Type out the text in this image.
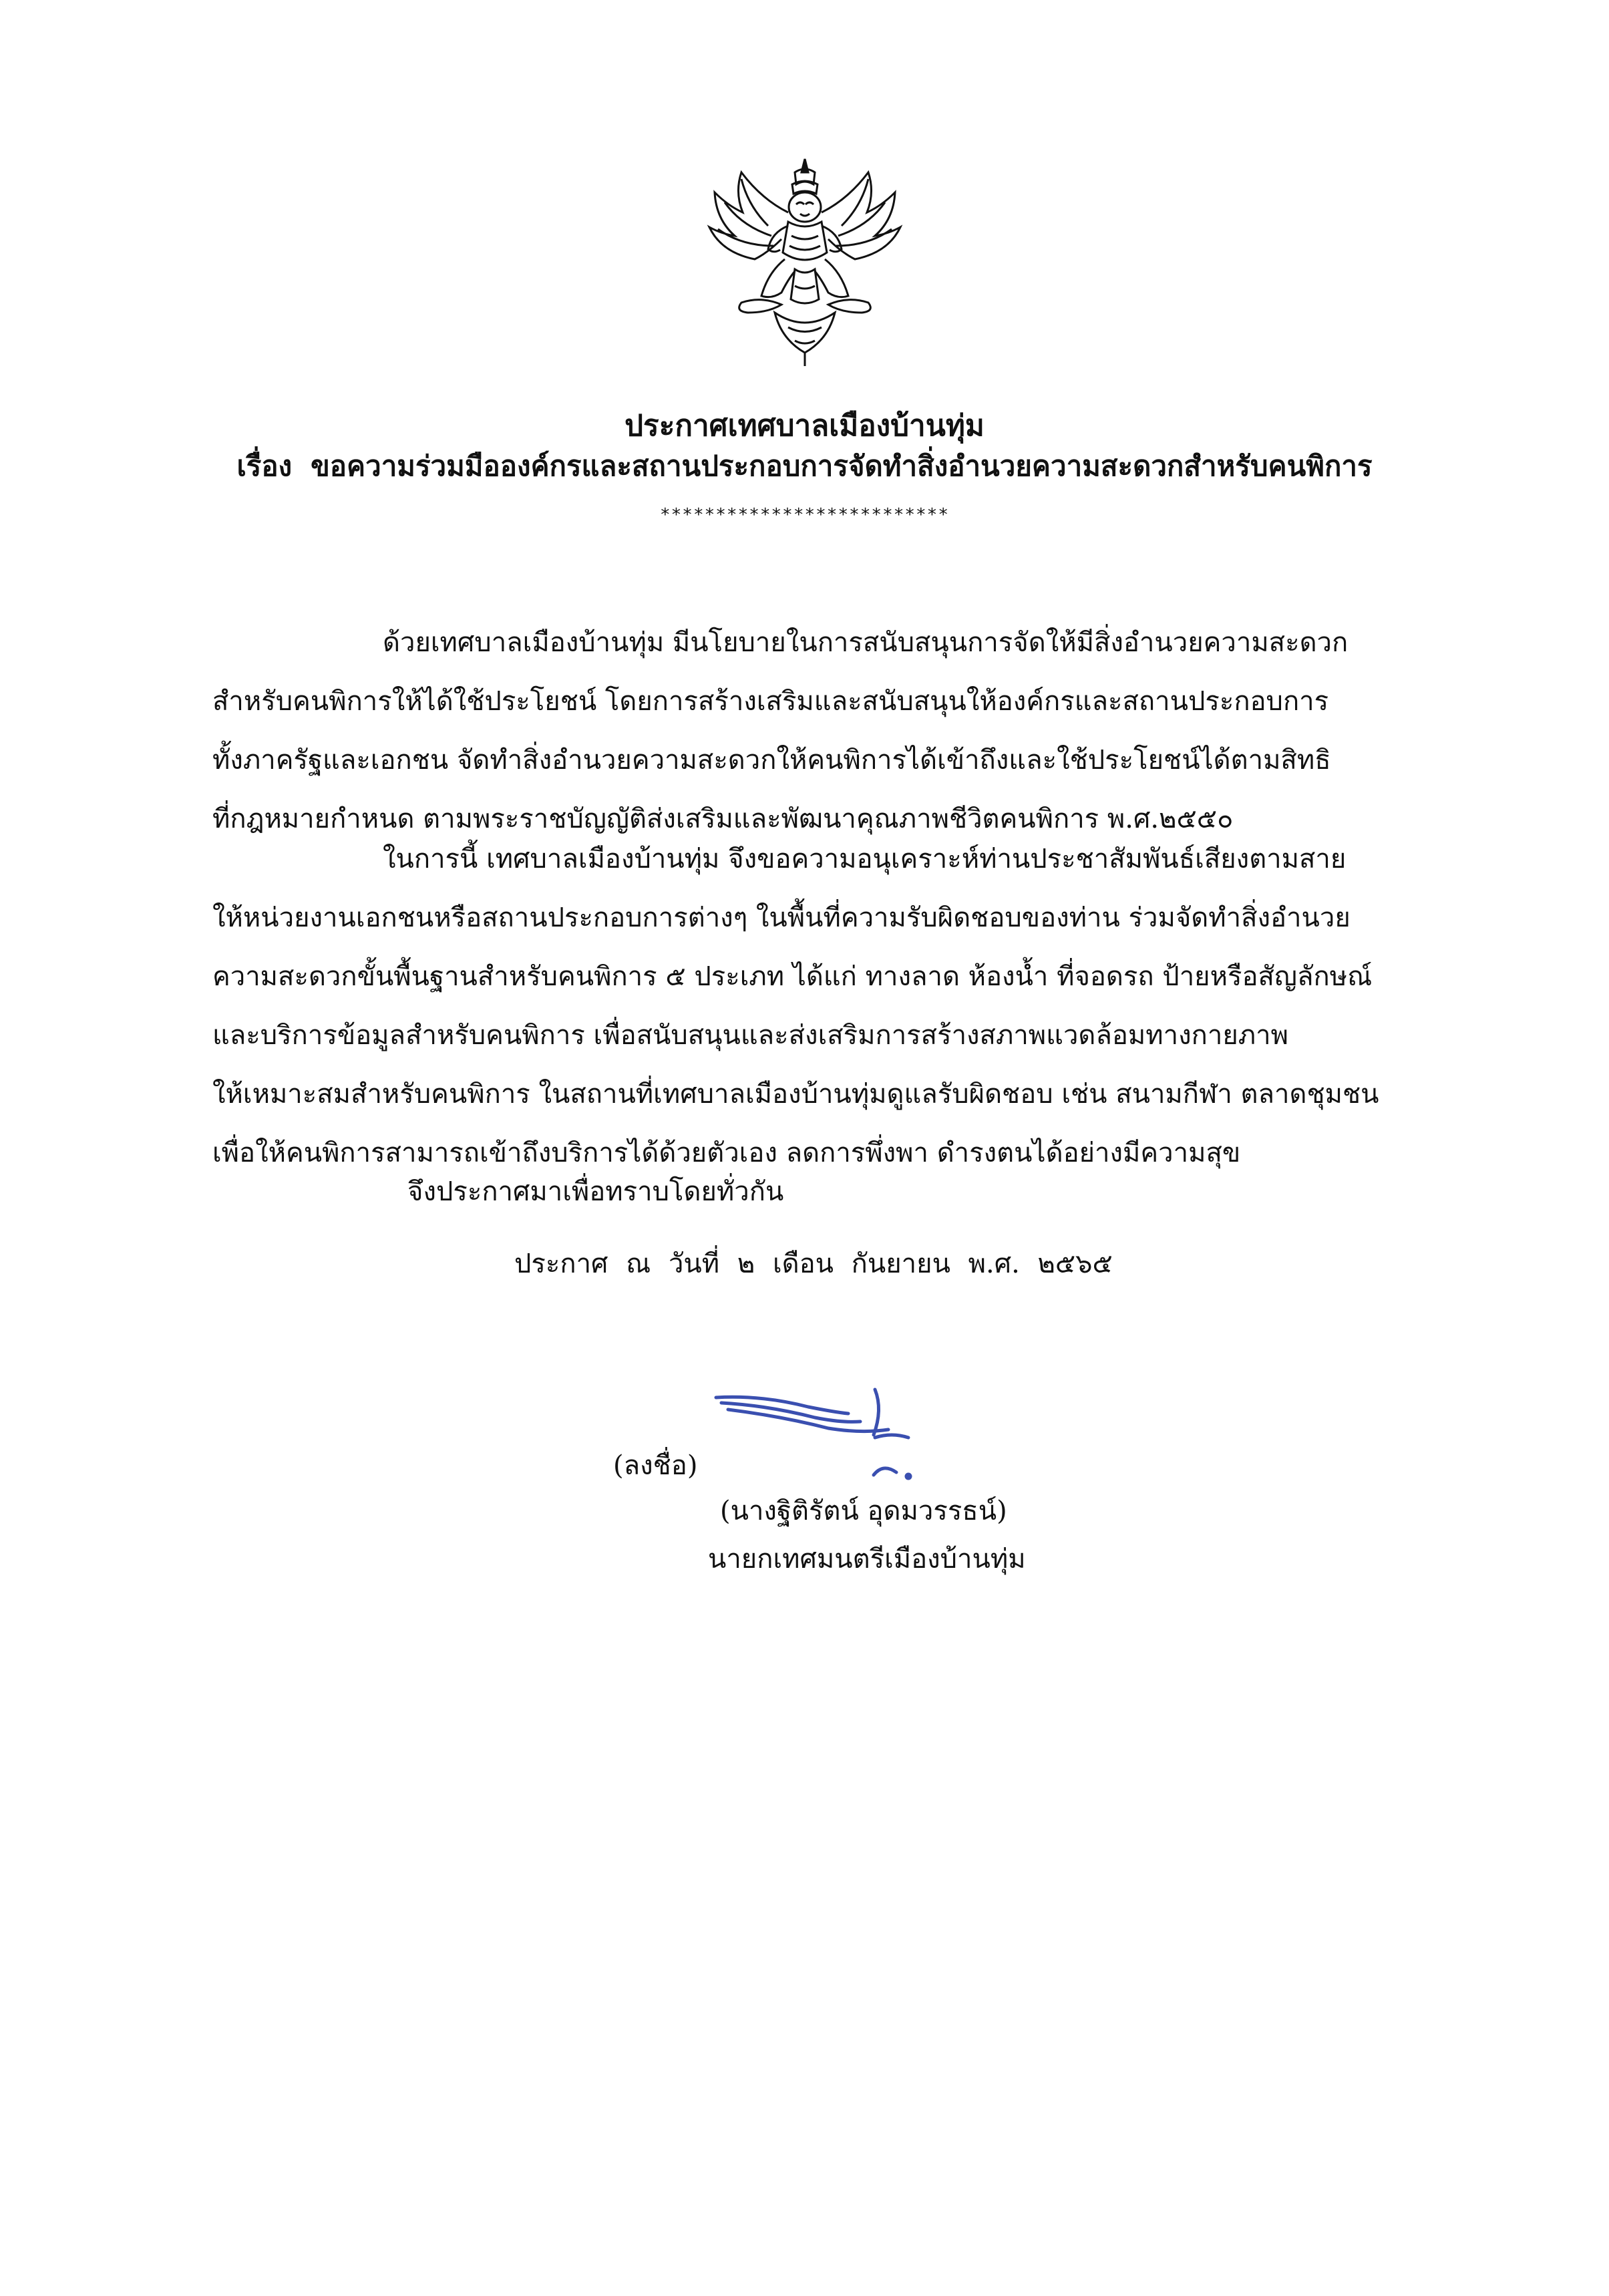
ประกาศเทศบาลเมืองบ้านทุ่ม
เรื่อง ขอความร่วมมือองค์กรและสถานประกอบการจัดทำสิ่งอำนวยความสะดวกสำหรับคนพิการ
**************************
ด้วยเทศบาลเมืองบ้านทุ่ม มีนโยบายในการสนับสนุนการจัดให้มีสิ่งอำนวยความสะดวก
สำหรับคนพิการให้ได้ใช้ประโยชน์ โดยการสร้างเสริมและสนับสนุนให้องค์กรและสถานประกอบการ
ทั้งภาครัฐและเอกชน จัดทำสิ่งอำนวยความสะดวกให้คนพิการได้เข้าถึงและใช้ประโยชน์ได้ตามสิทธิ
ที่กฎหมายกำหนด ตามพระราชบัญญัติส่งเสริมและพัฒนาคุณภาพชีวิตคนพิการ พ.ศ.๒๕๕๐
ในการนี้ เทศบาลเมืองบ้านทุ่ม จึงขอความอนุเคราะห์ท่านประชาสัมพันธ์เสียงตามสาย
ให้หน่วยงานเอกชนหรือสถานประกอบการต่างๆ ในพื้นที่ความรับผิดชอบของท่าน ร่วมจัดทำสิ่งอำนวย
ความสะดวกขั้นพื้นฐานสำหรับคนพิการ ๕ ประเภท ได้แก่ ทางลาด ห้องน้ำ ที่จอดรถ ป้ายหรือสัญลักษณ์
และบริการข้อมูลสำหรับคนพิการ เพื่อสนับสนุนและส่งเสริมการสร้างสภาพแวดล้อมทางกายภาพ
ให้เหมาะสมสำหรับคนพิการ ในสถานที่เทศบาลเมืองบ้านทุ่มดูแลรับผิดชอบ เช่น สนามกีฬา ตลาดชุมชน
เพื่อให้คนพิการสามารถเข้าถึงบริการได้ด้วยตัวเอง ลดการพึ่งพา ดำรงตนได้อย่างมีความสุข
จึงประกาศมาเพื่อทราบโดยทั่วกัน
ประกาศ ณ วันที่ ๒ เดือน กันยายน พ.ศ. ๒๕๖๕
(ลงชื่อ)
(นางฐิติรัตน์ อุดมวรรธน์)
นายกเทศมนตรีเมืองบ้านทุ่ม
